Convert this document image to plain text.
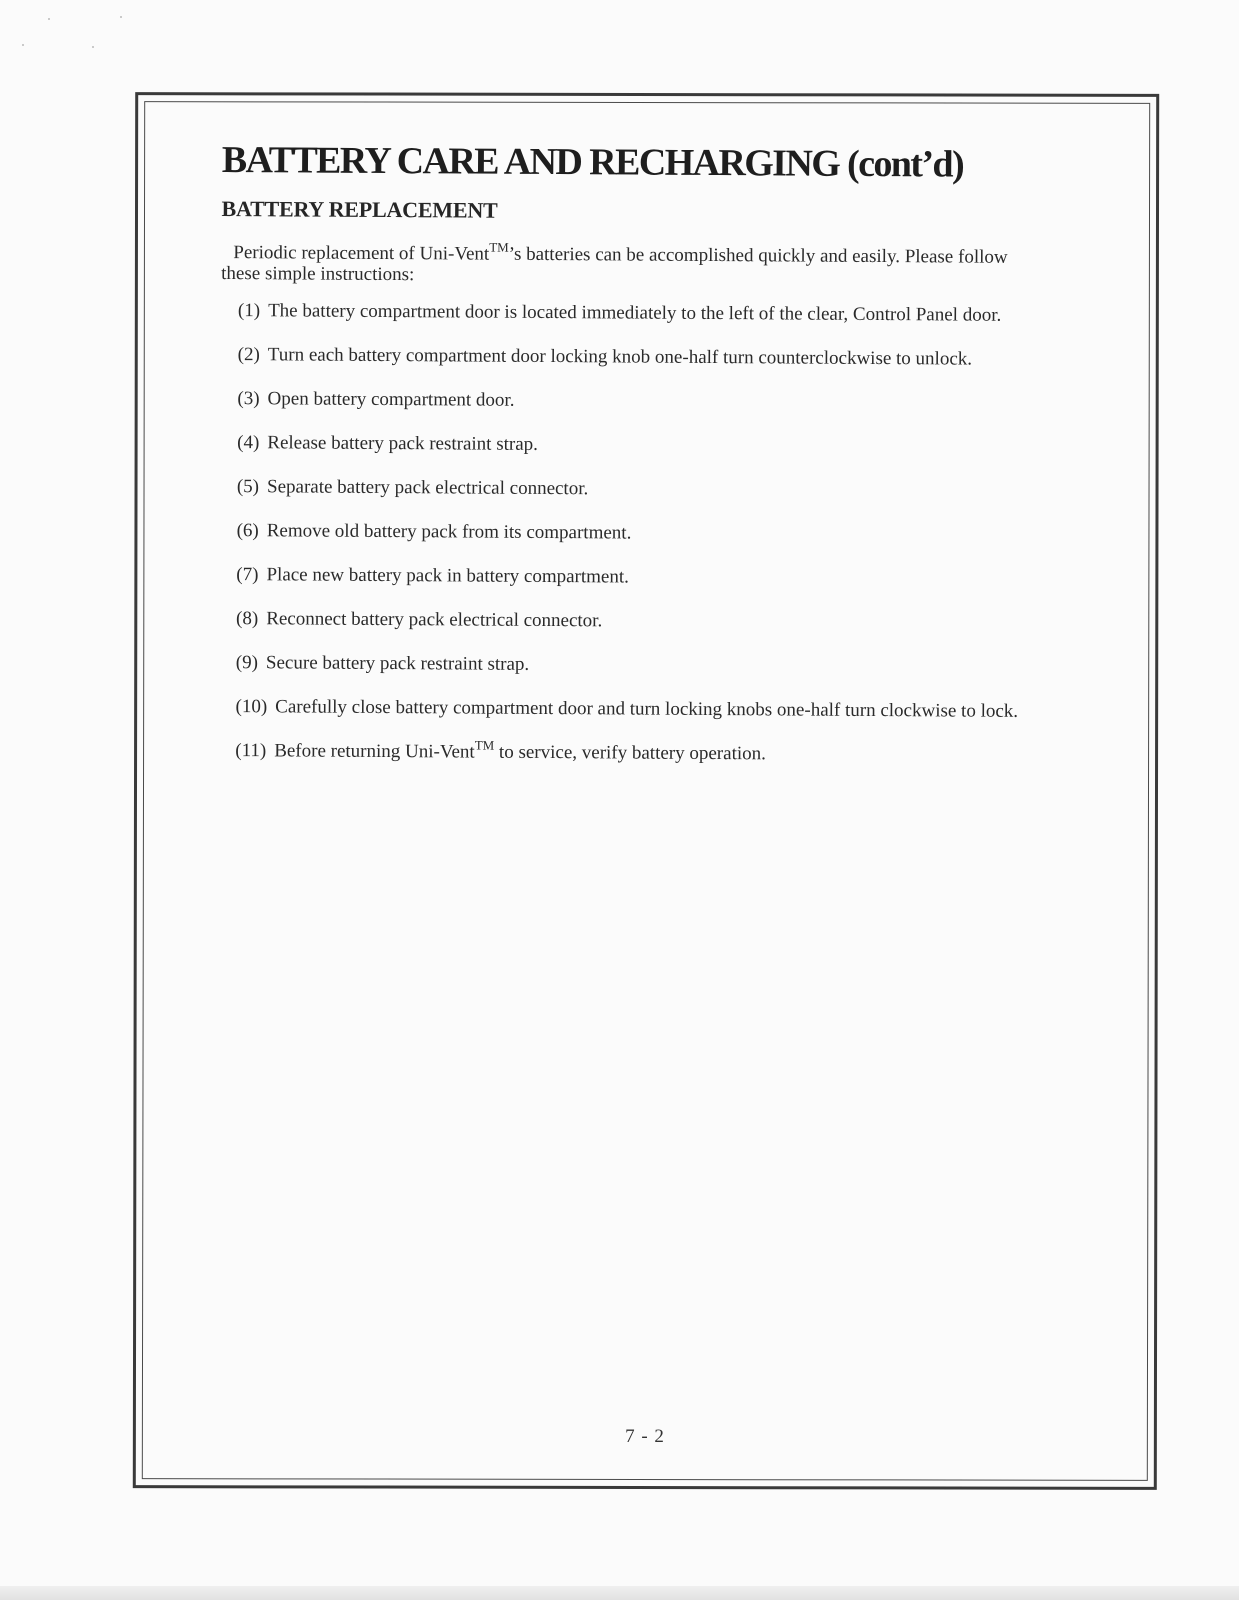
BATTERY CARE AND RECHARGING (cont’d)
BATTERY REPLACEMENT

Periodic replacement of Uni-Vent™’s batteries can be accomplished quickly and easily. Please follow
these simple instructions:

(1) The battery compartment door is located immediately to the left of the clear, Control Panel door.
(2) Turn each battery compartment door locking knob one-half turn counterclockwise to unlock.
(3) Open battery compartment door.
(4) Release battery pack restraint strap.
(5) Separate battery pack electrical connector.
(6) Remove old battery pack from its compartment.
(7) Place new battery pack in battery compartment.
(8) Reconnect battery pack electrical connector.
(9) Secure battery pack restraint strap.
(10) Carefully close battery compartment door and turn locking knobs one-half turn clockwise to lock.
(11) Before returning Uni-Vent™ to service, verify battery operation.
7 - 2
